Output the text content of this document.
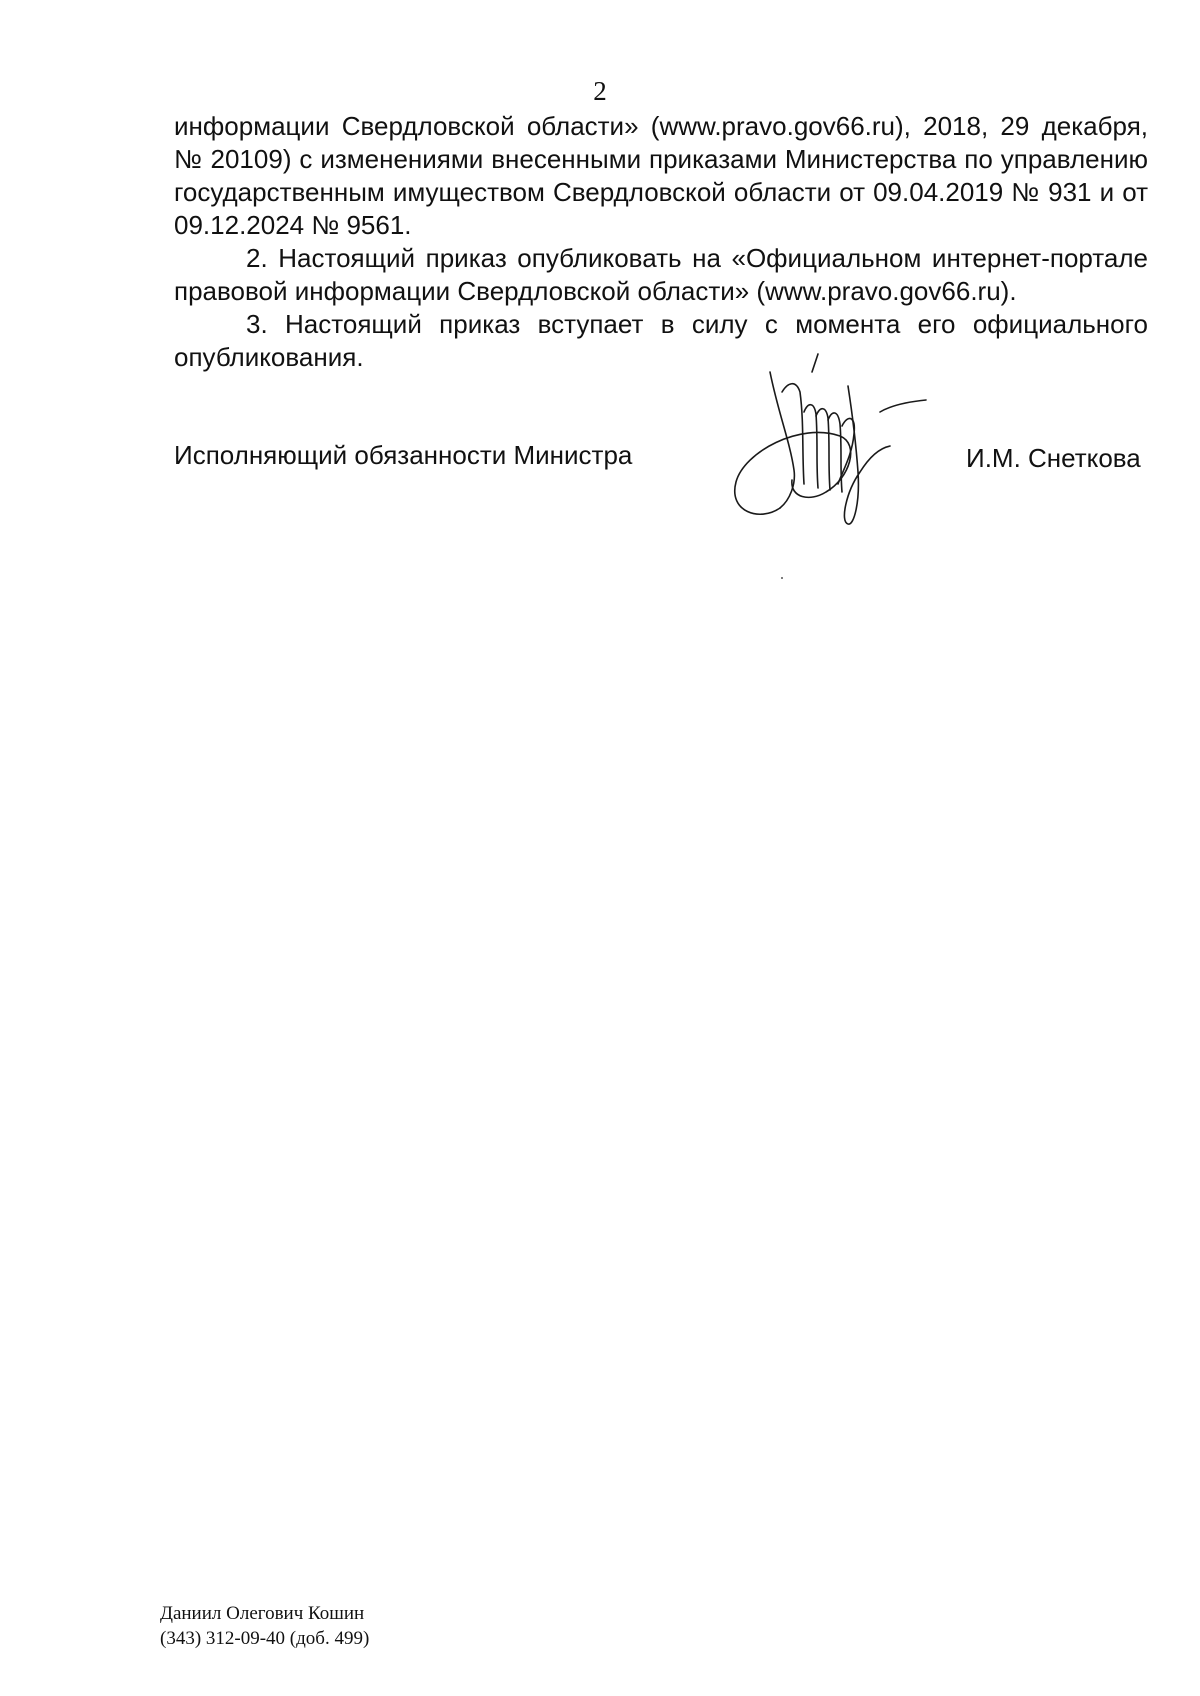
2

информации Свердловской области» (www.pravo.gov66.ru), 2018, 29 декабря, № 20109) с изменениями внесенными приказами Министерства по управлению государственным имуществом Свердловской области от 09.04.2019 № 931 и от 09.12.2024 № 9561.

2. Настоящий приказ опубликовать на «Официальном интернет-портале правовой информации Свердловской области» (www.pravo.gov66.ru).

3. Настоящий приказ вступает в силу с момента его официального опубликования.

Исполняющий обязанности Министра	И.М. Снеткова
Даниил Олегович Кошин
(343) 312-09-40 (доб. 499)
